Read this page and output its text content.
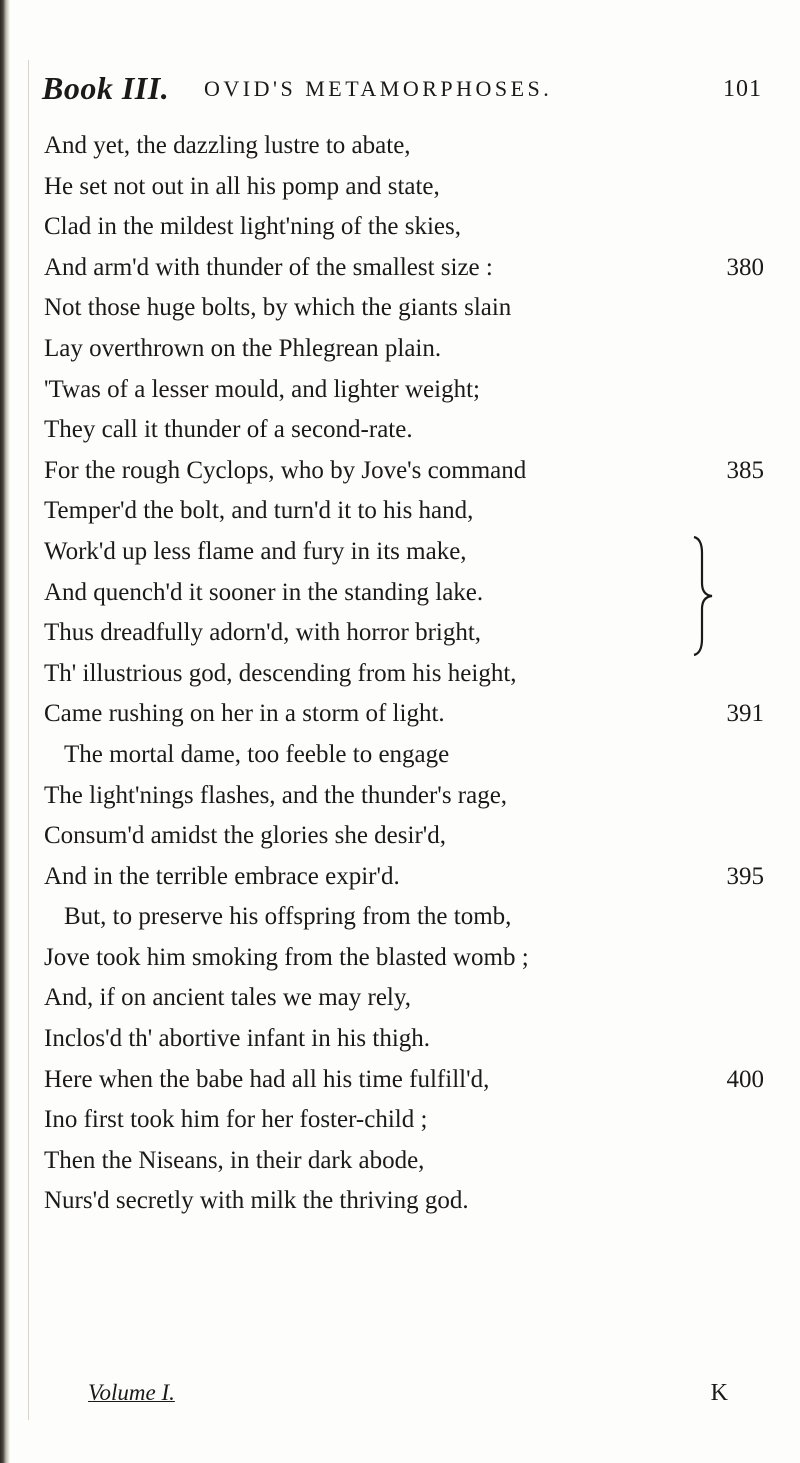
Book III. OVID'S METAMORPHOSES.	101
And yet, the dazzling lustre to abate,
He set not out in all his pomp and state,
Clad in the mildest light'ning of the skies,
And arm'd with thunder of the smallest size :	380
Not those huge bolts, by which the giants slain
Lay overthrown on the Phlegrean plain.
'Twas of a lesser mould, and lighter weight;
They call it thunder of a second-rate.
For the rough Cyclops, who by Jove's command	385
Temper'd the bolt, and turn'd it to his hand,
Work'd up less flame and fury in its make,
And quench'd it sooner in the standing lake.
Thus dreadfully adorn'd, with horror bright,
Th' illustrious god, descending from his height,
Came rushing on her in a storm of light.	391
The mortal dame, too feeble to engage
The light'nings flashes, and the thunder's rage,
Consum'd amidst the glories she desir'd,
And in the terrible embrace expir'd.	395
But, to preserve his offspring from the tomb,
Jove took him smoking from the blasted womb ;
And, if on ancient tales we may rely,
Inclos'd th' abortive infant in his thigh.
Here when the babe had all his time fulfill'd,	400
Ino first took him for her foster-child ;
Then the Niseans, in their dark abode,
Nurs'd secretly with milk the thriving god.
Volume I.	K
